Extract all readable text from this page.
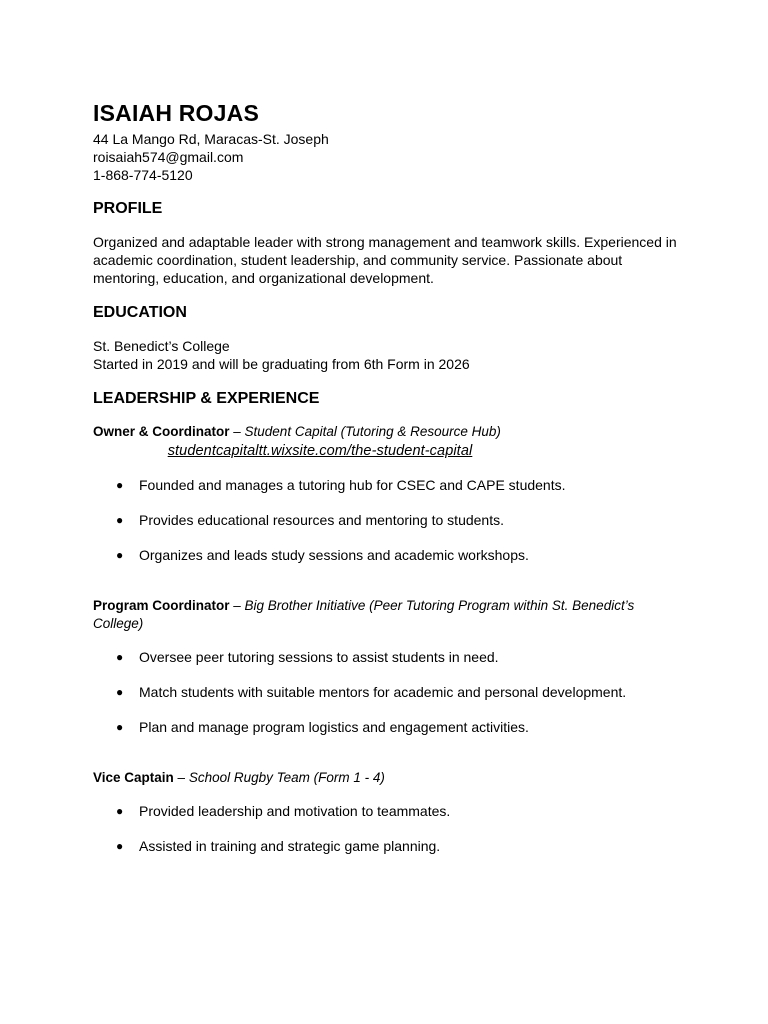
ISAIAH ROJAS
44 La Mango Rd, Maracas-St. Joseph
roisaiah574@gmail.com
1-868-774-5120
PROFILE
Organized and adaptable leader with strong management and teamwork skills. Experienced in academic coordination, student leadership, and community service. Passionate about mentoring, education, and organizational development.
EDUCATION
St. Benedict’s College
Started in 2019 and will be graduating from 6th Form in 2026
LEADERSHIP & EXPERIENCE
Owner & Coordinator – Student Capital (Tutoring & Resource Hub)
studentcapitaltt.wixsite.com/the-student-capital
● Founded and manages a tutoring hub for CSEC and CAPE students.
● Provides educational resources and mentoring to students.
● Organizes and leads study sessions and academic workshops.
Program Coordinator – Big Brother Initiative (Peer Tutoring Program within St. Benedict’s College)
● Oversee peer tutoring sessions to assist students in need.
● Match students with suitable mentors for academic and personal development.
● Plan and manage program logistics and engagement activities.
Vice Captain – School Rugby Team (Form 1 - 4)
● Provided leadership and motivation to teammates.
● Assisted in training and strategic game planning.
